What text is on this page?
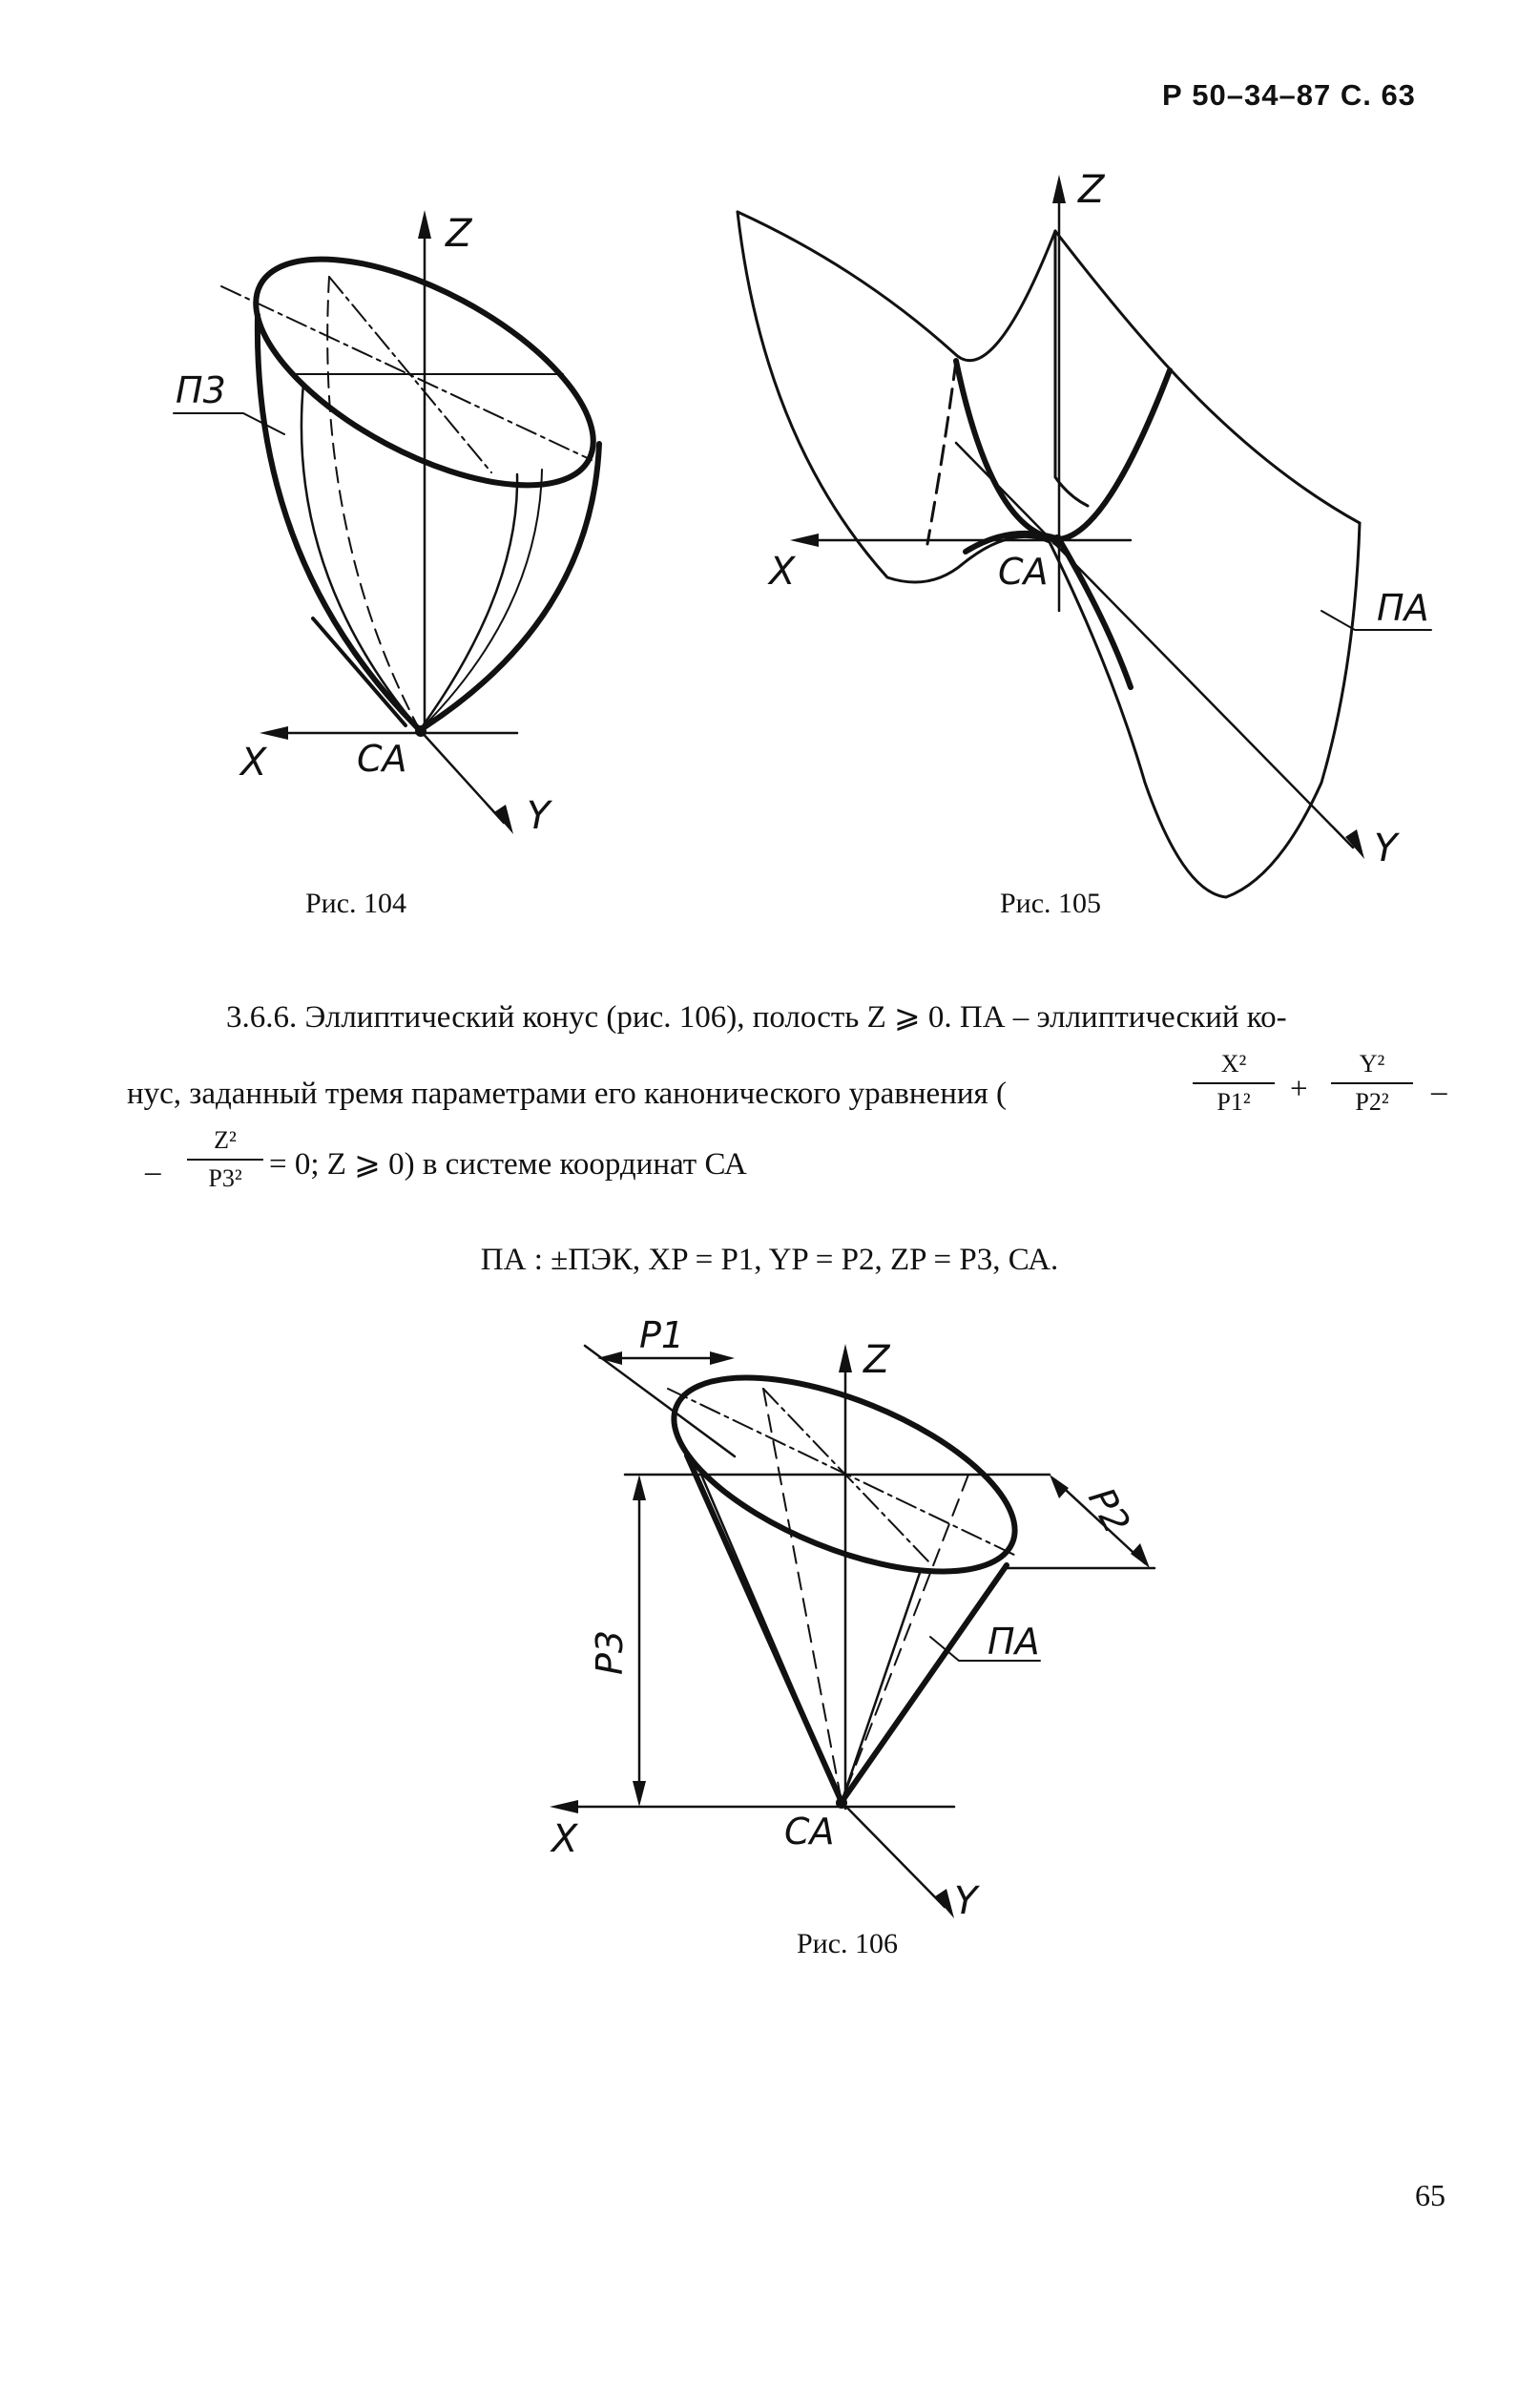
Р 50–34–87 С. 63
Z
X
Y
СА
П3
Рис. 104
Z
X
Y
СА
ПА
Рис. 105
3.6.6. Эллиптический конус (рис. 106), полость Z ⩾ 0. ПА – эллиптический ко-
нус, заданный тремя параметрами его канонического уравнения (
X²
P1²	+
Y²
P2²	–
–
Z²
P3² = 0; Z ⩾ 0) в системе координат СА
ПА : ±ПЭК, XP = P1, YP = P2, ZP = P3, СА.
Z
X
Y
СА
ПА
P1
P2
P3
Рис. 106
65
